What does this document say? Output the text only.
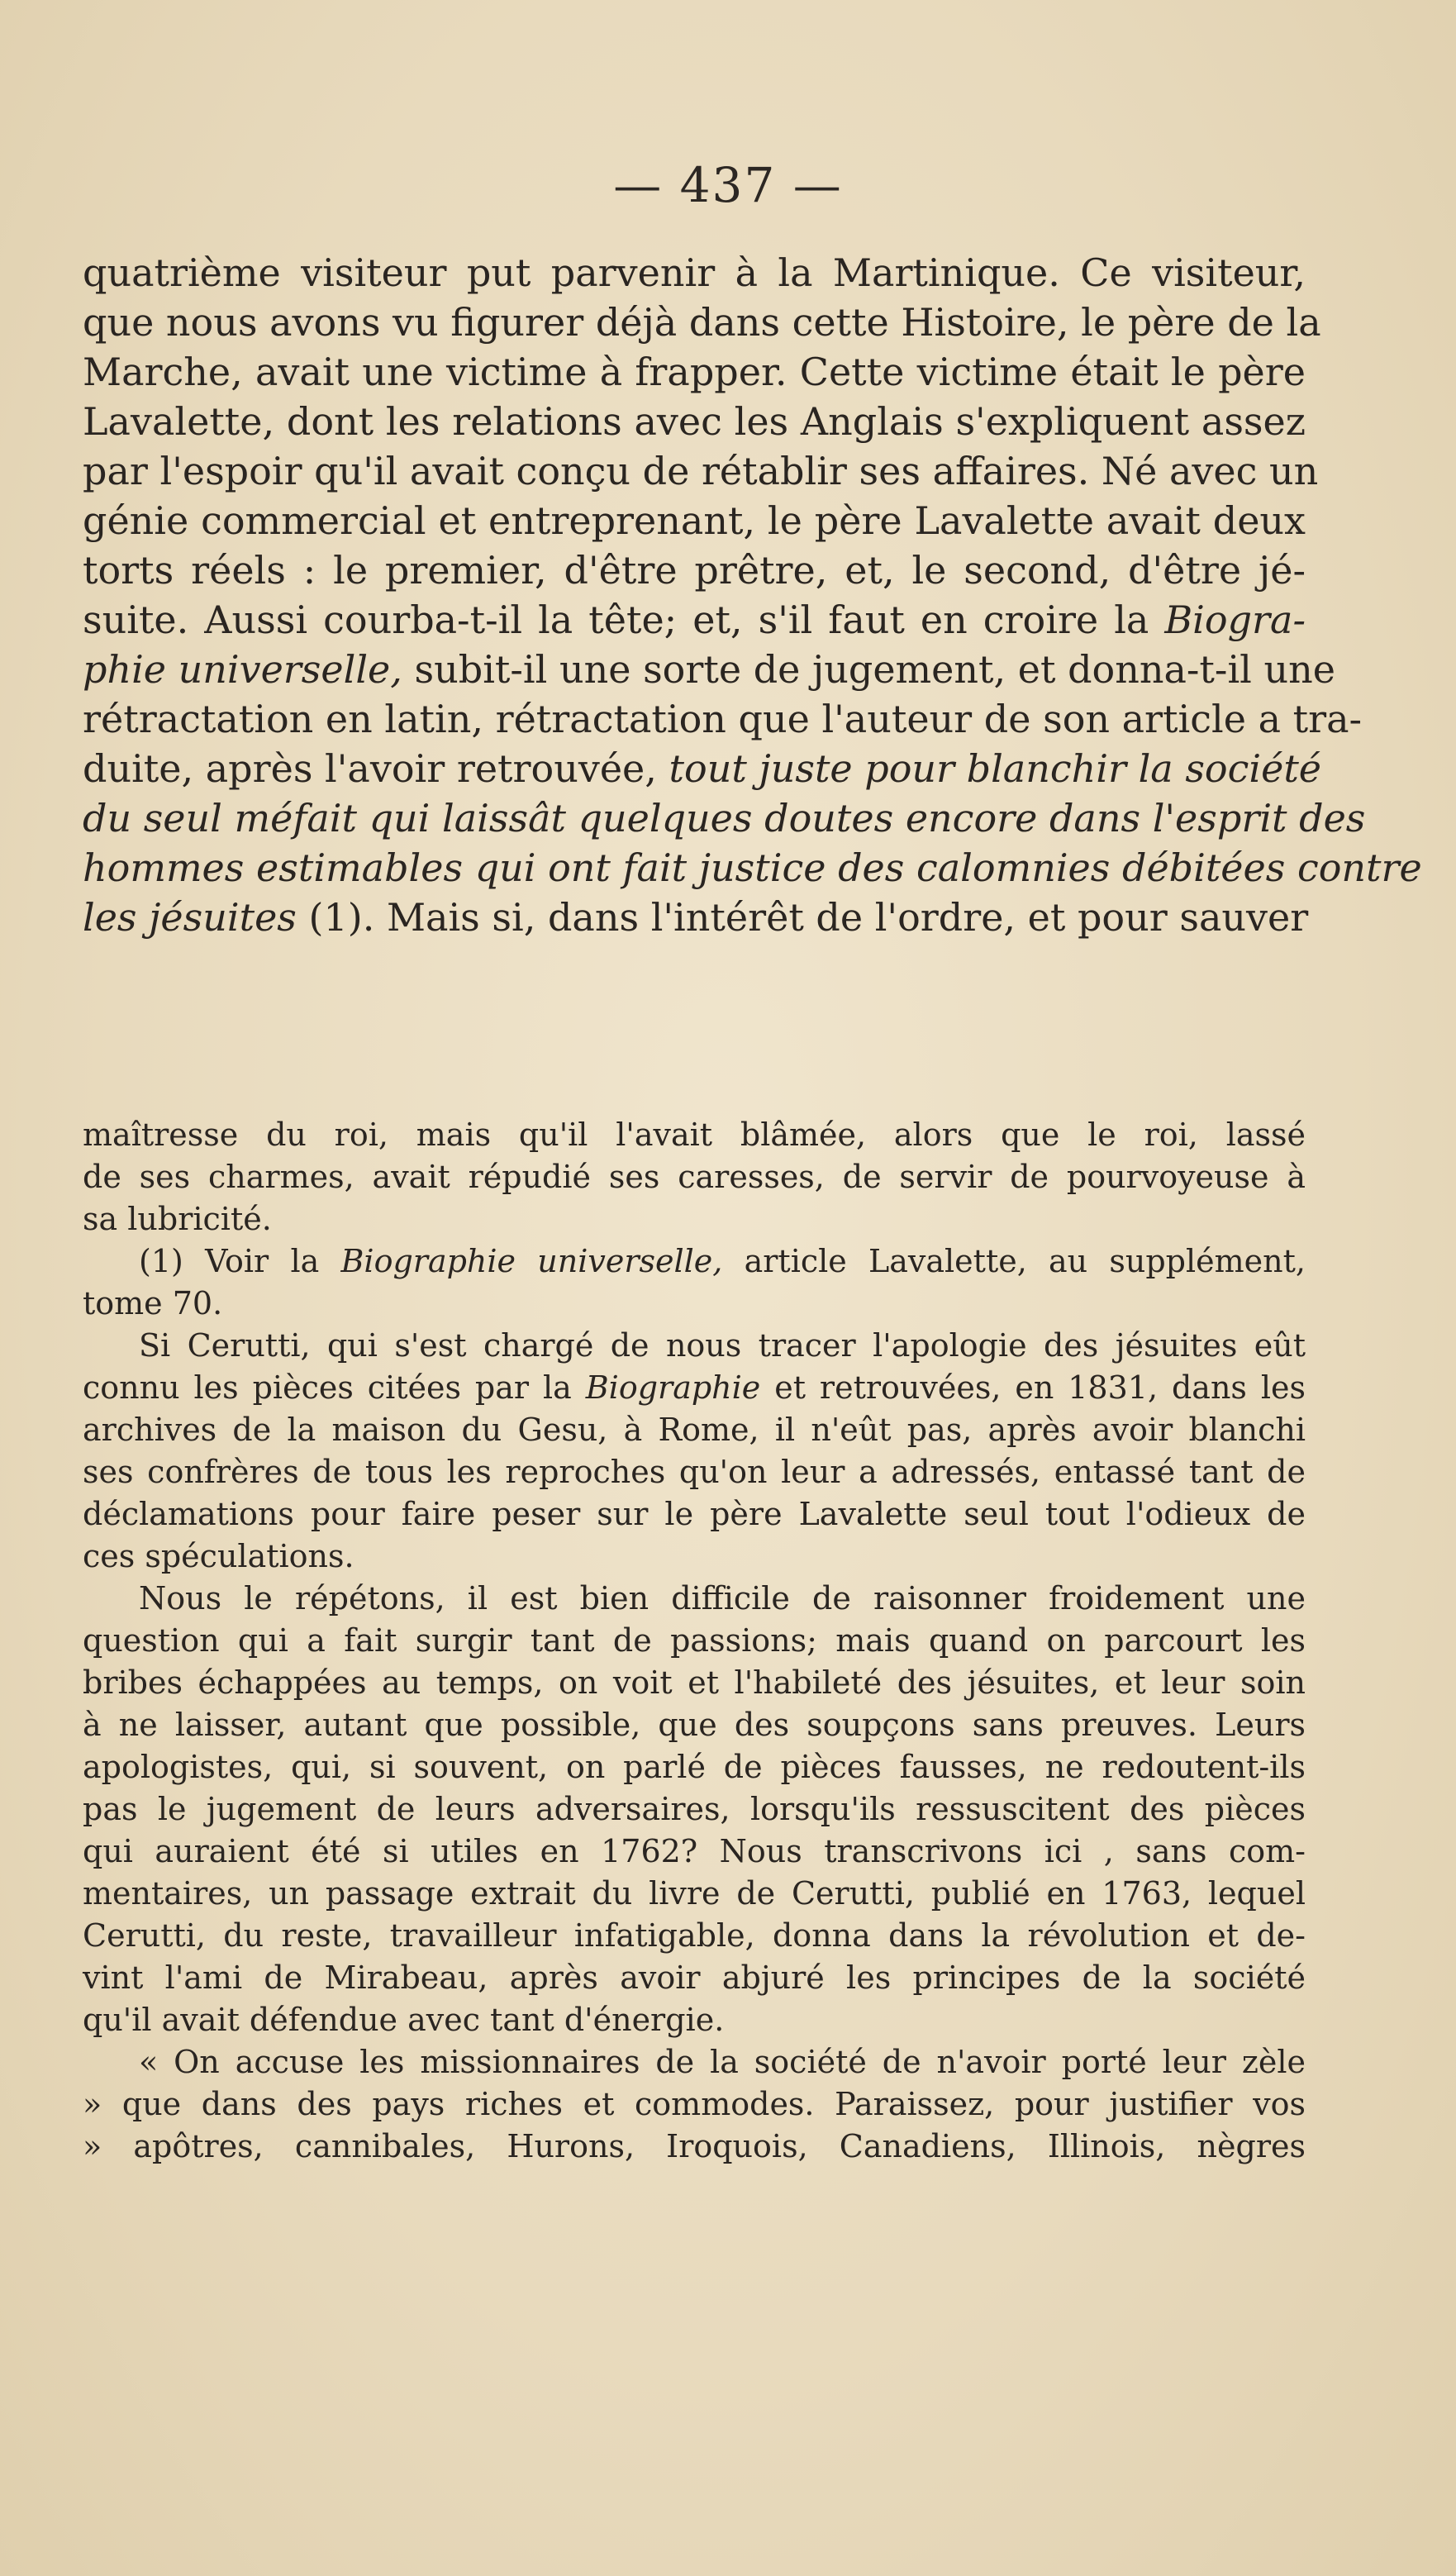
— 437 —
quatrième visiteur put parvenir à la Martinique. Ce visiteur,
que nous avons vu figurer déjà dans cette Histoire, le père de la
Marche, avait une victime à frapper. Cette victime était le père
Lavalette, dont les relations avec les Anglais s'expliquent assez
par l'espoir qu'il avait conçu de rétablir ses affaires. Né avec un
génie commercial et entreprenant, le père Lavalette avait deux
torts réels : le premier, d'être prêtre, et, le second, d'être jé-
suite. Aussi courba-t-il la tête; et, s'il faut en croire la Biogra-
phie universelle, subit-il une sorte de jugement, et donna-t-il une
rétractation en latin, rétractation que l'auteur de son article a tra-
duite, après l'avoir retrouvée, tout juste pour blanchir la société
du seul méfait qui laissât quelques doutes encore dans l'esprit des
hommes estimables qui ont fait justice des calomnies débitées contre
les jésuites (1). Mais si, dans l'intérêt de l'ordre, et pour sauver
maîtresse du roi, mais qu'il l'avait blâmée, alors que le roi, lassé
de ses charmes, avait répudié ses caresses, de servir de pourvoyeuse à
sa lubricité.
(1) Voir la Biographie universelle, article Lavalette, au supplément,
tome 70.
Si Cerutti, qui s'est chargé de nous tracer l'apologie des jésuites eût
connu les pièces citées par la Biographie et retrouvées, en 1831, dans les
archives de la maison du Gesu, à Rome, il n'eût pas, après avoir blanchi
ses confrères de tous les reproches qu'on leur a adressés, entassé tant de
déclamations pour faire peser sur le père Lavalette seul tout l'odieux de
ces spéculations.
Nous le répétons, il est bien difficile de raisonner froidement une
question qui a fait surgir tant de passions; mais quand on parcourt les
bribes échappées au temps, on voit et l'habileté des jésuites, et leur soin
à ne laisser, autant que possible, que des soupçons sans preuves. Leurs
apologistes, qui, si souvent, on parlé de pièces fausses, ne redoutent-ils
pas le jugement de leurs adversaires, lorsqu'ils ressuscitent des pièces
qui auraient été si utiles en 1762? Nous transcrivons ici , sans com-
mentaires, un passage extrait du livre de Cerutti, publié en 1763, lequel
Cerutti, du reste, travailleur infatigable, donna dans la révolution et de-
vint l'ami de Mirabeau, après avoir abjuré les principes de la société
qu'il avait défendue avec tant d'énergie.
« On accuse les missionnaires de la société de n'avoir porté leur zèle
» que dans des pays riches et commodes. Paraissez, pour justifier vos
» apôtres, cannibales, Hurons, Iroquois, Canadiens, Illinois, nègres
